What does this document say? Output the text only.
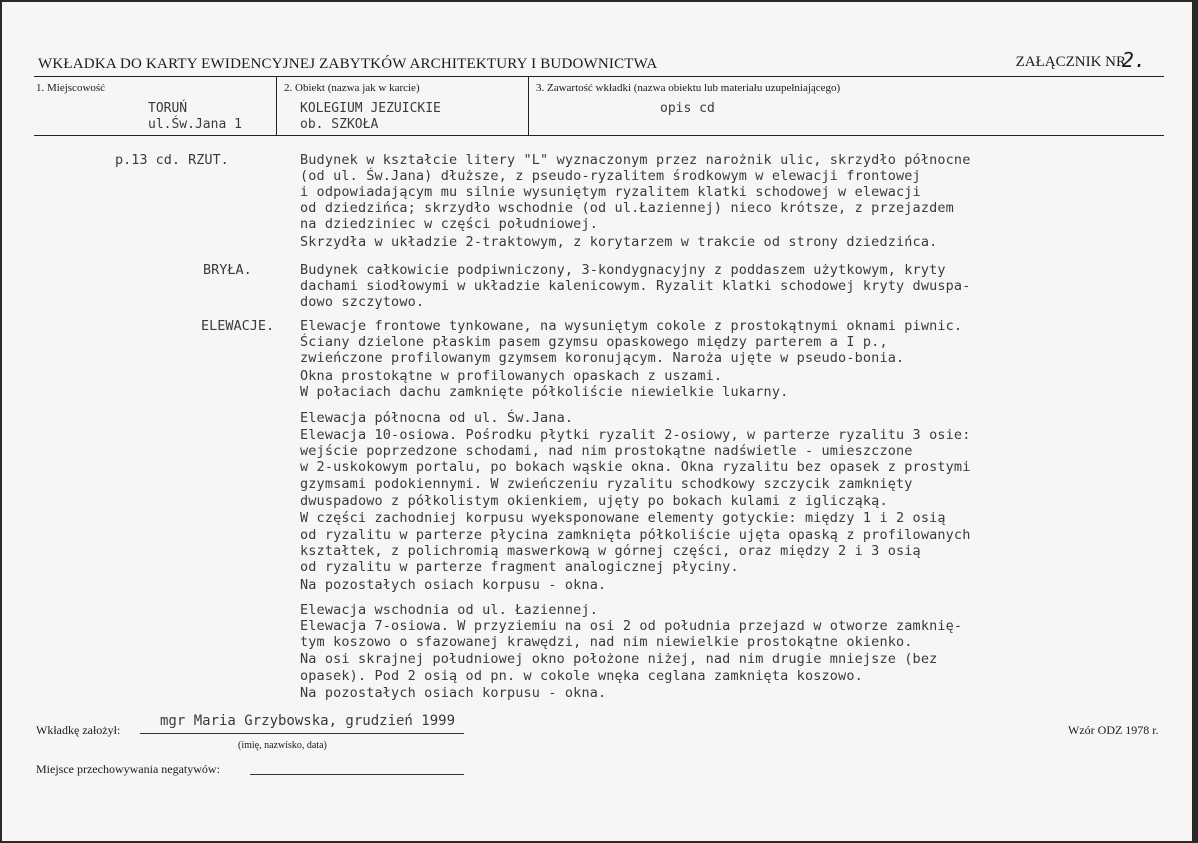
WKŁADKA DO KARTY EWIDENCYJNEJ ZABYTKÓW ARCHITEKTURY I BUDOWNICTWA	ZAŁĄCZNIK NR
2.
1. Miejscowość
TORUŃ
ul.Św.Jana 1
2. Obiekt (nazwa jak w karcie)
KOLEGIUM JEZUICKIE
ob. SZKOŁA
3. Zawartość wkładki (nazwa obiektu lub materiału uzupełniającego)
opis cd
p.13 cd. RZUT.
BRYŁA.
ELEWACJE.
Budynek w kształcie litery "L" wyznaczonym przez narożnik ulic, skrzydło północne
(od ul. Św.Jana) dłuższe, z pseudo-ryzalitem środkowym w elewacji frontowej
i odpowiadającym mu silnie wysuniętym ryzalitem klatki schodowej w elewacji
od dziedzińca; skrzydło wschodnie (od ul.Łaziennej) nieco krótsze, z przejazdem
na dziedziniec w części południowej.
Skrzydła w układzie 2-traktowym, z korytarzem w trakcie od strony dziedzińca.
Budynek całkowicie podpiwniczony, 3-kondygnacyjny z poddaszem użytkowym, kryty
dachami siodłowymi w układzie kalenicowym. Ryzalit klatki schodowej kryty dwuspa-
dowo szczytowo.
Elewacje frontowe tynkowane, na wysuniętym cokole z prostokątnymi oknami piwnic.
Ściany dzielone płaskim pasem gzymsu opaskowego między parterem a I p.,
zwieńczone profilowanym gzymsem koronującym. Naroża ujęte w pseudo-bonia.
Okna prostokątne w profilowanych opaskach z uszami.
W połaciach dachu zamknięte półkoliście niewielkie lukarny.
Elewacja północna od ul. Św.Jana.
Elewacja 10-osiowa. Pośrodku płytki ryzalit 2-osiowy, w parterze ryzalitu 3 osie:
wejście poprzedzone schodami, nad nim prostokątne nadświetle - umieszczone
w 2-uskokowym portalu, po bokach wąskie okna. Okna ryzalitu bez opasek z prostymi
gzymsami podokiennymi. W zwieńczeniu ryzalitu schodkowy szczycik zamknięty
dwuspadowo z półkolistym okienkiem, ujęty po bokach kulami z iglicząką.
W części zachodniej korpusu wyeksponowane elementy gotyckie: między 1 i 2 osią
od ryzalitu w parterze płycina zamknięta półkoliście ujęta opaską z profilowanych
kształtek, z polichromią maswerkową w górnej części, oraz między 2 i 3 osią
od ryzalitu w parterze fragment analogicznej płyciny.
Na pozostałych osiach korpusu - okna.
Elewacja wschodnia od ul. Łaziennej.
Elewacja 7-osiowa. W przyziemiu na osi 2 od południa przejazd w otworze zamknię-
tym koszowo o sfazowanej krawędzi, nad nim niewielkie prostokątne okienko.
Na osi skrajnej południowej okno położone niżej, nad nim drugie mniejsze (bez
opasek). Pod 2 osią od pn. w cokole wnęka ceglana zamknięta koszowo.
Na pozostałych osiach korpusu - okna.
Wkładkę założył:
mgr Maria Grzybowska, grudzień 1999
(imię, nazwisko, data)
Wzór ODZ 1978 r.
Miejsce przechowywania negatywów:
